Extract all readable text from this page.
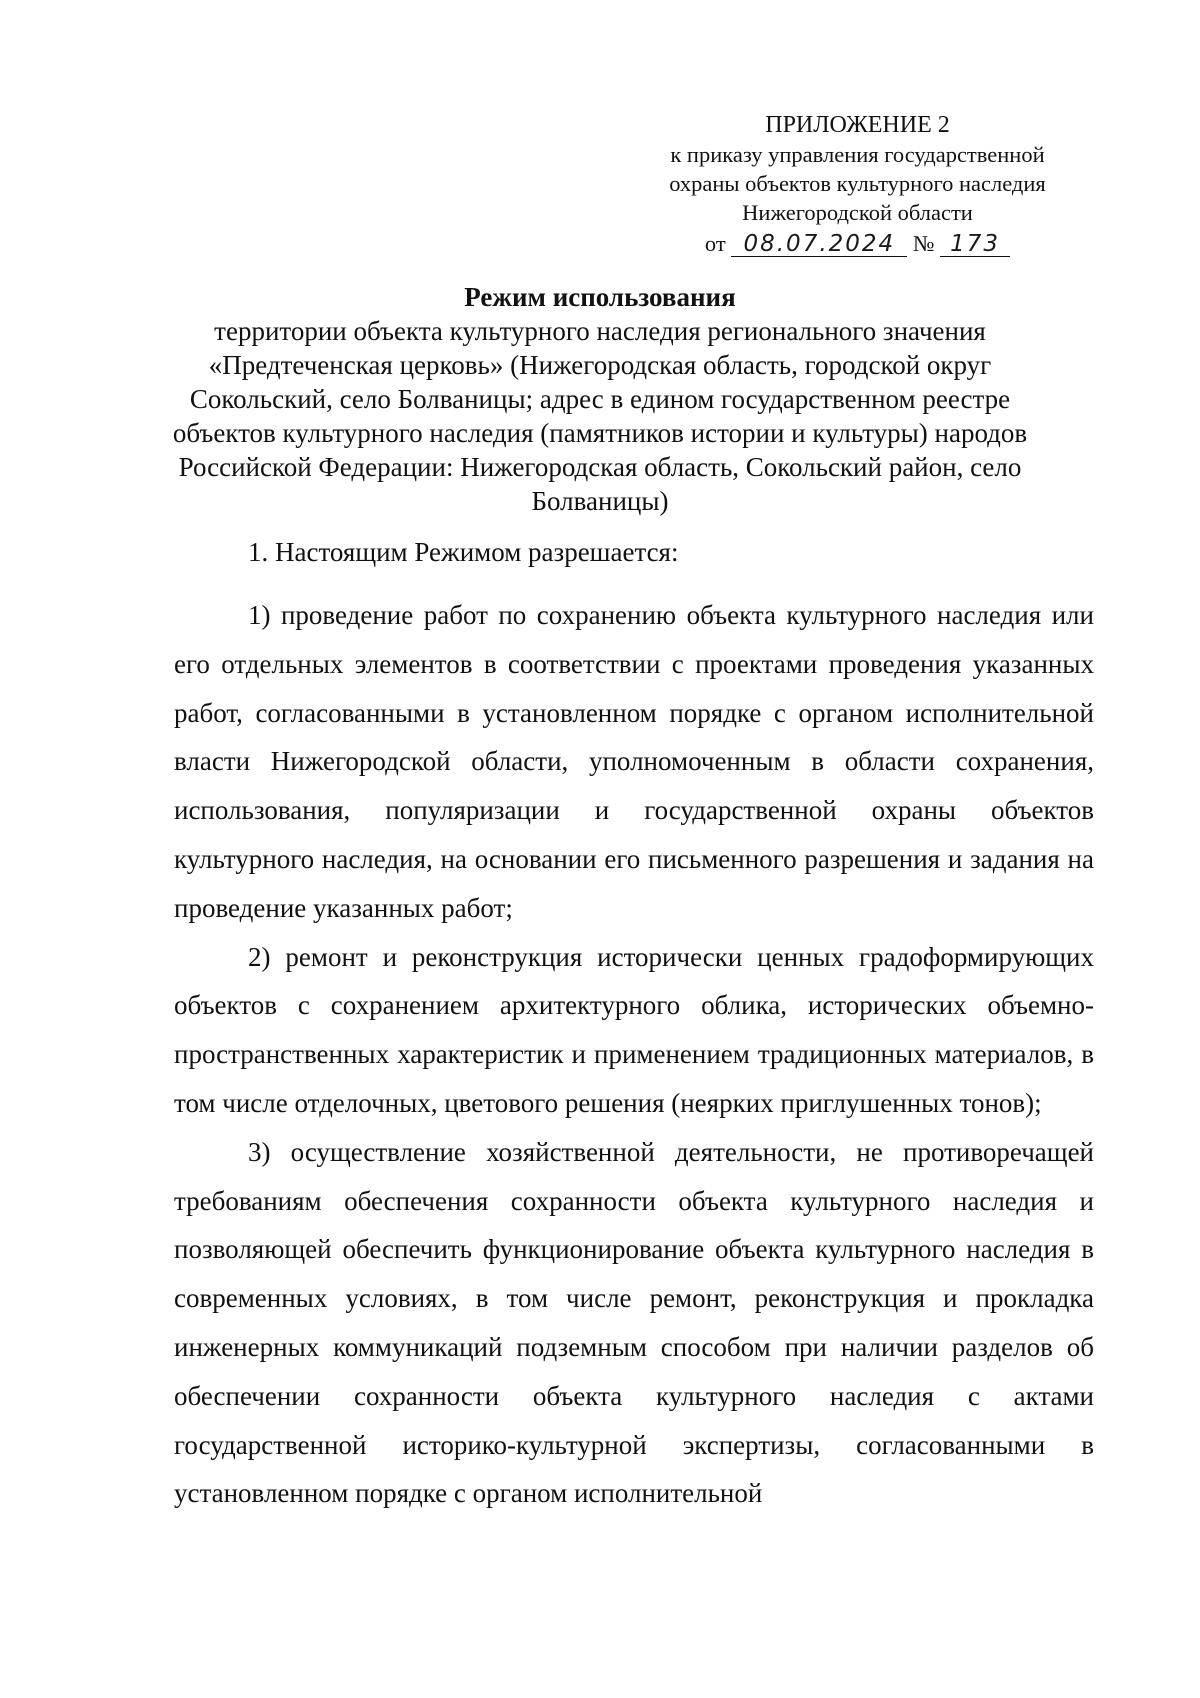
ПРИЛОЖЕНИЕ 2
к приказу управления государственной
охраны объектов культурного наследия
Нижегородской области
от 08.07.2024 № 173
Режим использования
территории объекта культурного наследия регионального значения «Предтеченская церковь» (Нижегородская область, городской округ Сокольский, село Болваницы; адрес в едином государственном реестре объектов культурного наследия (памятников истории и культуры) народов Российской Федерации: Нижегородская область, Сокольский район, село Болваницы)

1. Настоящим Режимом разрешается:

1) проведение работ по сохранению объекта культурного наследия или его отдельных элементов в соответствии с проектами проведения указанных работ, согласованными в установленном порядке с органом исполнительной власти Нижегородской области, уполномоченным в области сохранения, использования, популяризации и государственной охраны объектов культурного наследия, на основании его письменного разрешения и задания на проведение указанных работ;

2) ремонт и реконструкция исторически ценных градоформирующих объектов с сохранением архитектурного облика, исторических объемно-пространственных характеристик и применением традиционных материалов, в том числе отделочных, цветового решения (неярких приглушенных тонов);

3) осуществление хозяйственной деятельности, не противоречащей требованиям обеспечения сохранности объекта культурного наследия и позволяющей обеспечить функционирование объекта культурного наследия в современных условиях, в том числе ремонт, реконструкция и прокладка инженерных коммуникаций подземным способом при наличии разделов об обеспечении сохранности объекта культурного наследия с актами государственной историко-культурной экспертизы, согласованными в установленном порядке с органом исполнительной
